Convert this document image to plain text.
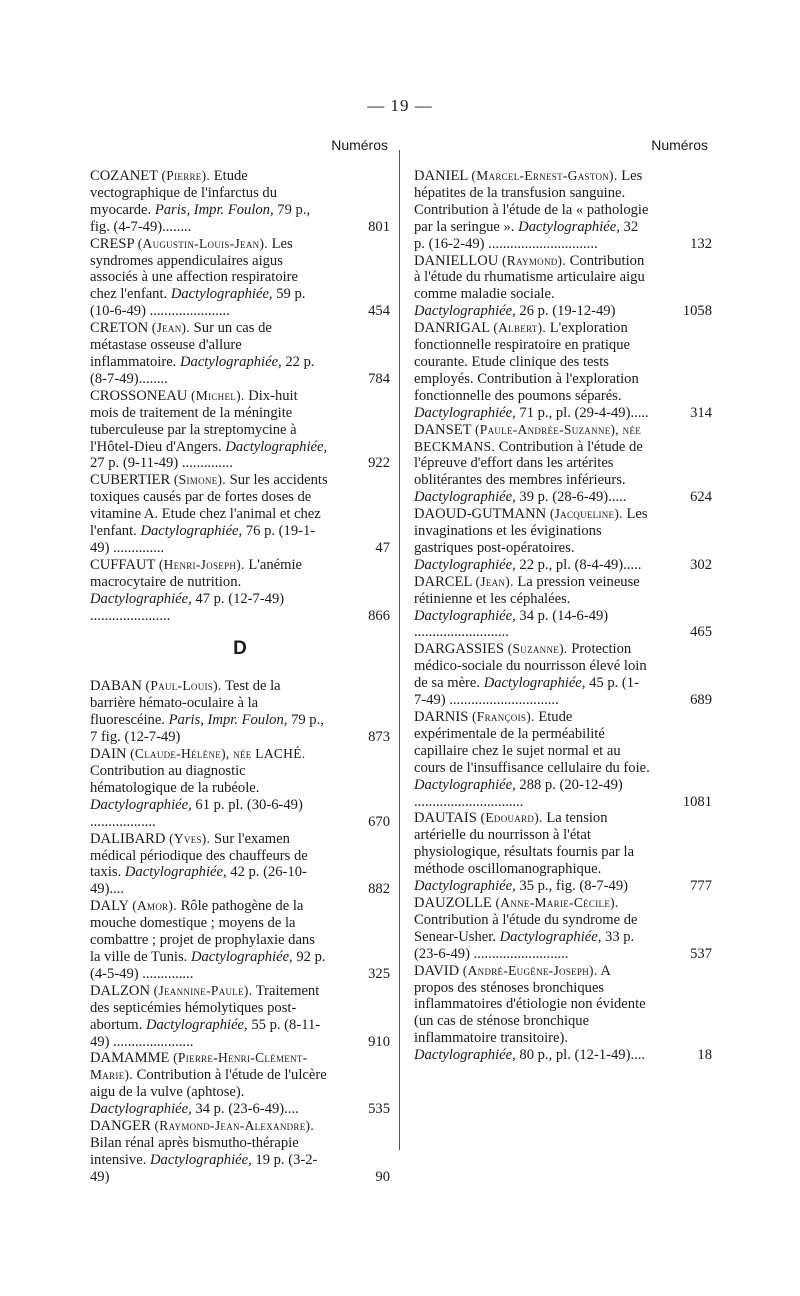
— 19 —
Numéros	Numéros

COZANET (Pierre). Etude vectographique de l'infarctus du myocarde. Paris, Impr. Foulon, 79 p., fig. (4-7-49)........	801

CRESP (Augustin-Louis-Jean). Les syndromes appendiculaires aigus associés à une affection respiratoire chez l'enfant. Dactylographiée, 59 p. (10-6-49) ......................	454

CRETON (Jean). Sur un cas de métastase osseuse d'allure inflammatoire. Dactylographiée, 22 p. (8-7-49)........	784

CROSSONEAU (Michel). Dix-huit mois de traitement de la méningite tuberculeuse par la streptomycine à l'Hôtel-Dieu d'Angers. Dactylographiée, 27 p. (9-11-49) ..............	922

CUBERTIER (Simone). Sur les accidents toxiques causés par de fortes doses de vitamine A. Etude chez l'animal et chez l'enfant. Dactylographiée, 76 p. (19-1-49) ..............	47

CUFFAUT (Henri-Joseph). L'anémie macrocytaire de nutrition. Dactylographiée, 47 p. (12-7-49) ......................	866

D

DABAN (Paul-Louis). Test de la barrière hémato-oculaire à la fluorescéine. Paris, Impr. Foulon, 79 p., 7 fig. (12-7-49)	873

DAIN (Claude-Hélène), née LACHÉ. Contribution au diagnostic hématologique de la rubéole. Dactylographiée, 61 p. pl. (30-6-49) ..................	670

DALIBARD (Yves). Sur l'examen médical périodique des chauffeurs de taxis. Dactylographiée, 42 p. (26-10-49)....	882

DALY (Amor). Rôle pathogène de la mouche domestique ; moyens de la combattre ; projet de prophylaxie dans la ville de Tunis. Dactylographiée, 92 p. (4-5-49) ..............	325

DALZON (Jeannine-Paule). Traitement des septicémies hémolytiques post-abortum. Dactylographiée, 55 p. (8-11-49) ......................	910

DAMAMME (Pierre-Henri-Clément-Marie). Contribution à l'étude de l'ulcère aigu de la vulve (aphtose). Dactylographiée, 34 p. (23-6-49)....	535

DANGER (Raymond-Jean-Alexandre). Bilan rénal après bismutho-thérapie intensive. Dactylographiée, 19 p. (3-2-49)	90

DANIEL (Marcel-Ernest-Gaston). Les hépatites de la transfusion sanguine. Contribution à l'étude de la « pathologie par la seringue ». Dactylographiée, 32 p. (16-2-49) ..............................	132

DANIELLOU (Raymond). Contribution à l'étude du rhumatisme articulaire aigu comme maladie sociale. Dactylographiée, 26 p. (19-12-49)	1058

DANRIGAL (Albert). L'exploration fonctionnelle respiratoire en pratique courante. Etude clinique des tests employés. Contribution à l'exploration fonctionnelle des poumons séparés. Dactylographiée, 71 p., pl. (29-4-49).....	314

DANSET (Paule-Andrée-Suzanne), née BECKMANS. Contribution à l'étude de l'épreuve d'effort dans les artérites oblitérantes des membres inférieurs. Dactylographiée, 39 p. (28-6-49).....	624

DAOUD-GUTMANN (Jacqueline). Les invaginations et les éviginations gastriques post-opératoires. Dactylographiée, 22 p., pl. (8-4-49).....	302

DARCEL (Jean). La pression veineuse rétinienne et les céphalées. Dactylographiée, 34 p. (14-6-49) ..........................	465

DARGASSIES (Suzanne). Protection médico-sociale du nourrisson élevé loin de sa mère. Dactylographiée, 45 p. (1-7-49) ..............................	689

DARNIS (François). Etude expérimentale de la perméabilité capillaire chez le sujet normal et au cours de l'insuffisance cellulaire du foie. Dactylographiée, 288 p. (20-12-49) ..............................	1081

DAUTAIS (Edouard). La tension artérielle du nourrisson à l'état physiologique, résultats fournis par la méthode oscillomanographique. Dactylographiée, 35 p., fig. (8-7-49)	777

DAUZOLLE (Anne-Marie-Cécile). Contribution à l'étude du syndrome de Senear-Usher. Dactylographiée, 33 p. (23-6-49) ..........................	537

DAVID (André-Eugène-Joseph). A propos des sténoses bronchiques inflammatoires d'étiologie non évidente (un cas de sténose bronchique inflammatoire transitoire). Dactylographiée, 80 p., pl. (12-1-49)....	18
